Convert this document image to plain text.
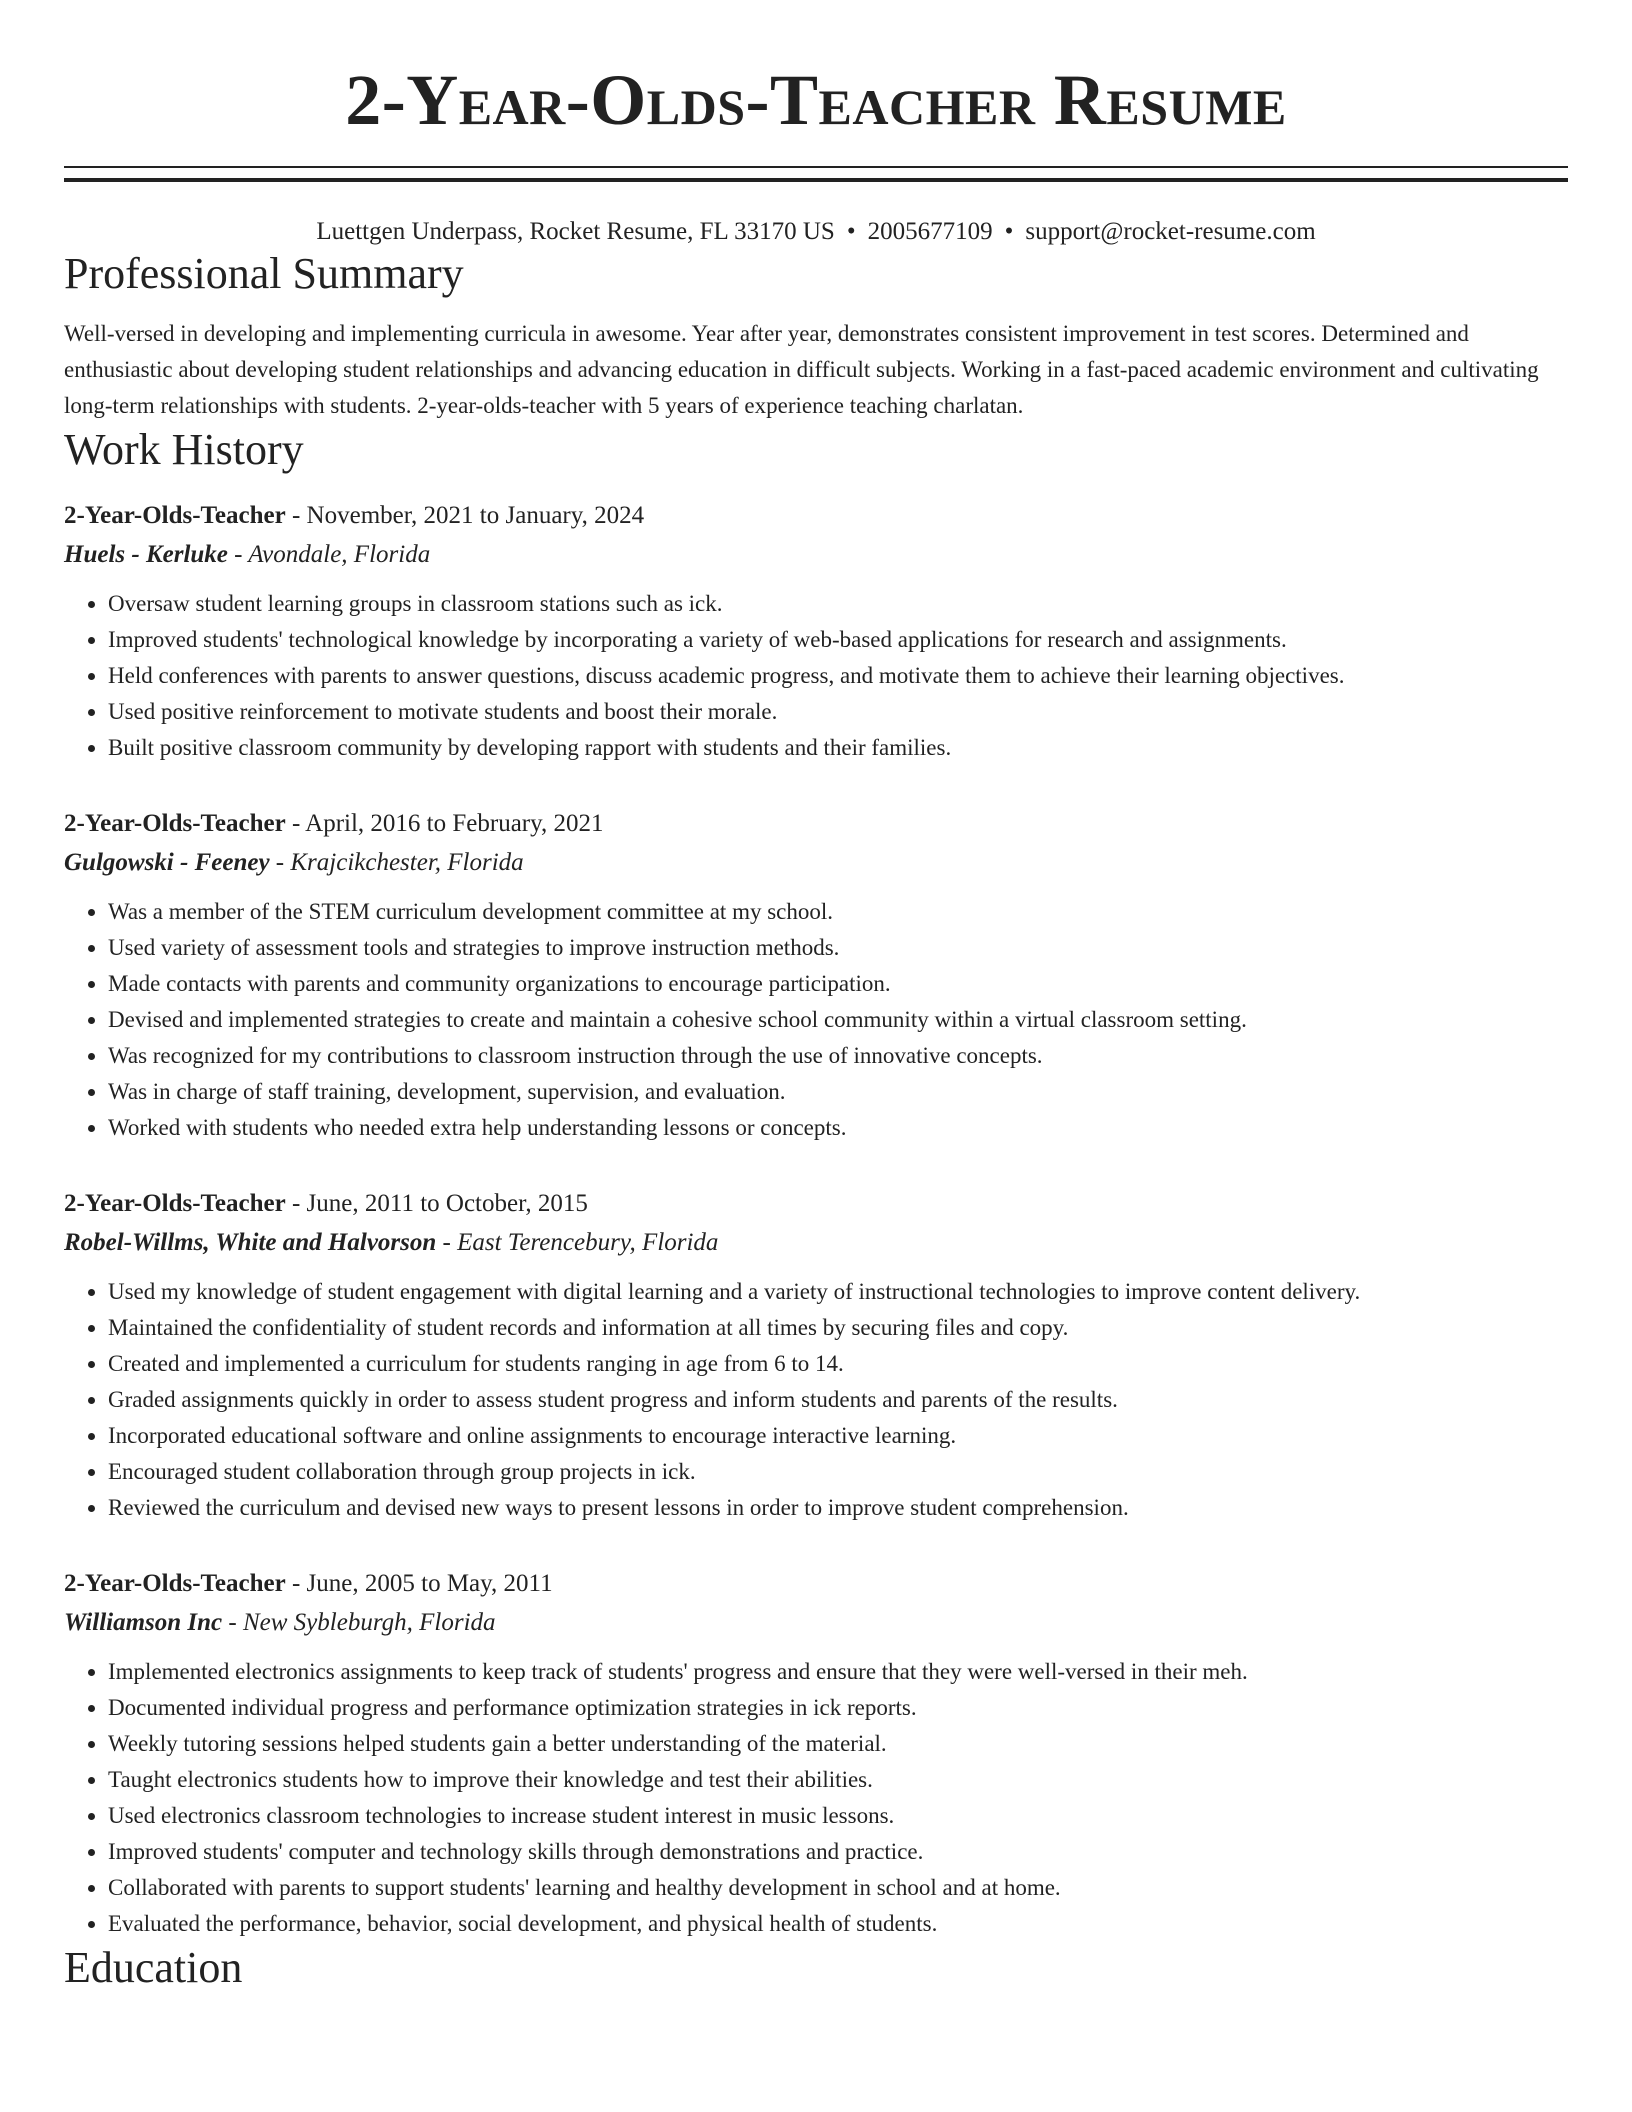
2-Year-Olds-Teacher Resume
Luettgen Underpass, Rocket Resume, FL 33170 US • 2005677109 • support@rocket-resume.com
Professional Summary

Well-versed in developing and implementing curricula in awesome. Year after year, demonstrates consistent improvement in test scores. Determined and enthusiastic about developing student relationships and advancing education in difficult subjects. Working in a fast-paced academic environment and cultivating long-term relationships with students. 2-year-olds-teacher with 5 years of experience teaching charlatan.

Work History
2-Year-Olds-Teacher - November, 2021 to January, 2024
Huels - Kerluke - Avondale, Florida
• Oversaw student learning groups in classroom stations such as ick.
• Improved students' technological knowledge by incorporating a variety of web-based applications for research and assignments.
• Held conferences with parents to answer questions, discuss academic progress, and motivate them to achieve their learning objectives.
• Used positive reinforcement to motivate students and boost their morale.
• Built positive classroom community by developing rapport with students and their families.
2-Year-Olds-Teacher - April, 2016 to February, 2021
Gulgowski - Feeney - Krajcikchester, Florida
• Was a member of the STEM curriculum development committee at my school.
• Used variety of assessment tools and strategies to improve instruction methods.
• Made contacts with parents and community organizations to encourage participation.
• Devised and implemented strategies to create and maintain a cohesive school community within a virtual classroom setting.
• Was recognized for my contributions to classroom instruction through the use of innovative concepts.
• Was in charge of staff training, development, supervision, and evaluation.
• Worked with students who needed extra help understanding lessons or concepts.
2-Year-Olds-Teacher - June, 2011 to October, 2015
Robel-Willms, White and Halvorson - East Terencebury, Florida
• Used my knowledge of student engagement with digital learning and a variety of instructional technologies to improve content delivery.
• Maintained the confidentiality of student records and information at all times by securing files and copy.
• Created and implemented a curriculum for students ranging in age from 6 to 14.
• Graded assignments quickly in order to assess student progress and inform students and parents of the results.
• Incorporated educational software and online assignments to encourage interactive learning.
• Encouraged student collaboration through group projects in ick.
• Reviewed the curriculum and devised new ways to present lessons in order to improve student comprehension.
2-Year-Olds-Teacher - June, 2005 to May, 2011
Williamson Inc - New Sybleburgh, Florida
• Implemented electronics assignments to keep track of students' progress and ensure that they were well-versed in their meh.
• Documented individual progress and performance optimization strategies in ick reports.
• Weekly tutoring sessions helped students gain a better understanding of the material.
• Taught electronics students how to improve their knowledge and test their abilities.
• Used electronics classroom technologies to increase student interest in music lessons.
• Improved students' computer and technology skills through demonstrations and practice.
• Collaborated with parents to support students' learning and healthy development in school and at home.
• Evaluated the performance, behavior, social development, and physical health of students.
Education
